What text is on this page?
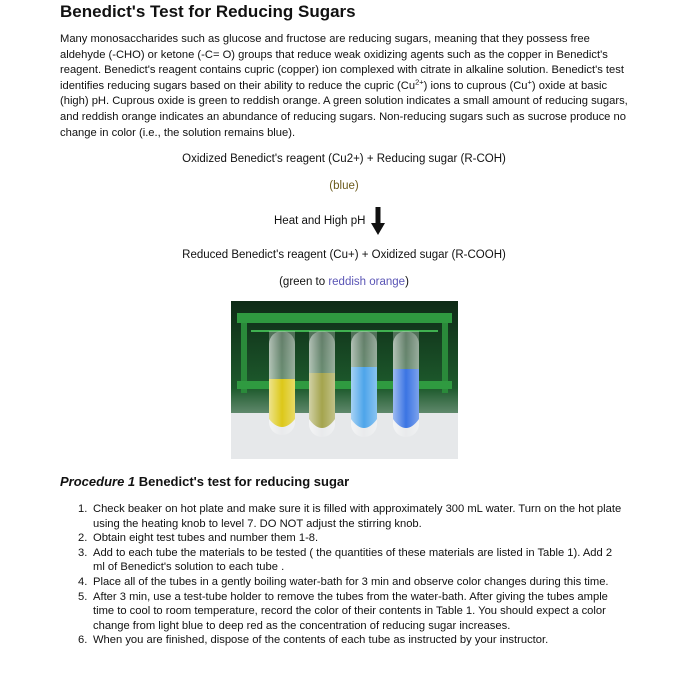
Benedict's Test for Reducing Sugars
Many monosaccharides such as glucose and fructose are reducing sugars, meaning that they possess free aldehyde (-CHO) or ketone (-C= O) groups that reduce weak oxidizing agents such as the copper in Benedict's reagent. Benedict's reagent contains cupric (copper) ion complexed with citrate in alkaline solution. Benedict's test identifies reducing sugars based on their ability to reduce the cupric $(Cu^{2+})$ ions to cuprous (Cu+) oxide at basic (high) pH. Cuprous oxide is green to reddish orange. A green solution indicates a small amount of reducing sugars, and reddish orange indicates an abundance of reducing sugars. Non-reducing sugars such as sucrose produce no change in color (i.e., the solution remains blue).
Oxidized Benedict's reagent (Cu2+) + Reducing sugar (R-COH)
(blue)
Heat and High pH
Reduced Benedict's reagent (Cu+) + Oxidized sugar (R-COOH)
(green to reddish orange)
Procedure 1 Benedict's test for reducing sugar
1. Check beaker on hot plate and make sure it is filled with approximately 300 mL water. Turn on the hot plate using the heating knob to level 7. DO NOT adjust the stirring knob.
2. Obtain eight test tubes and number them 1-8.
3. Add to each tube the materials to be tested ( the quantities of these materials are listed in Table 1). Add 2 ml of Benedict's solution to each tube .
4. Place all of the tubes in a gently boiling water-bath for 3 min and observe color changes during this time.
5. After 3 min, use a test-tube holder to remove the tubes from the water-bath. After giving the tubes ample time to cool to room temperature, record the color of their contents in Table 1. You should expect a color change from light blue to deep red as the concentration of reducing sugar increases.
6. When you are finished, dispose of the contents of each tube as instructed by your instructor.
